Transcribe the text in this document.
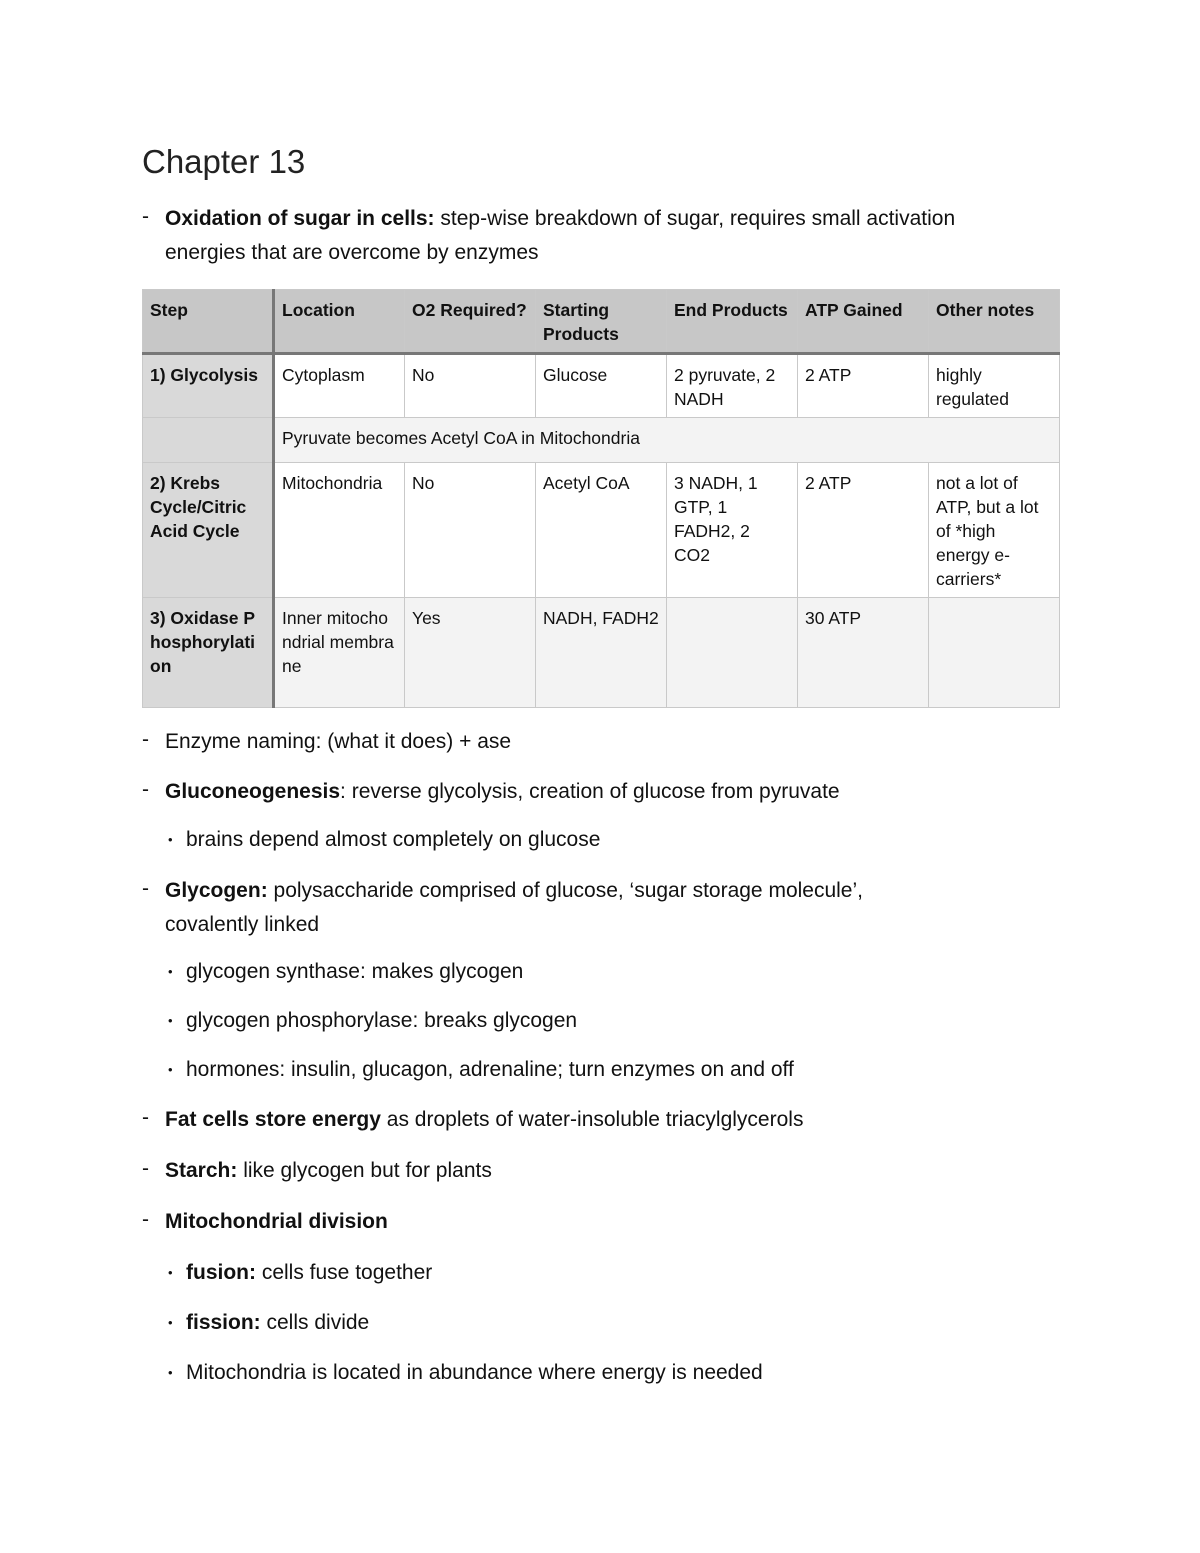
Chapter 13
- Oxidation of sugar in cells: step-wise breakdown of sugar, requires small activation
energies that are overcome by enzymes
Step	Location	O2 Required?	Starting Products	End Products	ATP Gained	Other notes
1) Glycolysis	Cytoplasm	No	Glucose	2 pyruvate, 2 NADH	2 ATP	highly regulated
	Pyruvate becomes Acetyl CoA in Mitochondria					
2) Krebs Cycle/Citric Acid Cycle	Mitochondria	No	Acetyl CoA	3 NADH, 1 GTP, 1 FADH2, 2 CO2	2 ATP	not a lot of ATP, but a lot of *high energy e- carriers*
3) Oxidase Phosphorylation	Inner mitochondrial membrane	Yes	NADH, FADH2		30 ATP	
- Enzyme naming: (what it does) + ase
- Gluconeogenesis: reverse glycolysis, creation of glucose from pyruvate
• brains depend almost completely on glucose
- Glycogen: polysaccharide comprised of glucose, ‘sugar storage molecule’,
covalently linked
• glycogen synthase: makes glycogen
• glycogen phosphorylase: breaks glycogen
• hormones: insulin, glucagon, adrenaline; turn enzymes on and off
- Fat cells store energy as droplets of water-insoluble triacylglycerols
- Starch: like glycogen but for plants
- Mitochondrial division
• fusion: cells fuse together
• fission: cells divide
• Mitochondria is located in abundance where energy is needed
